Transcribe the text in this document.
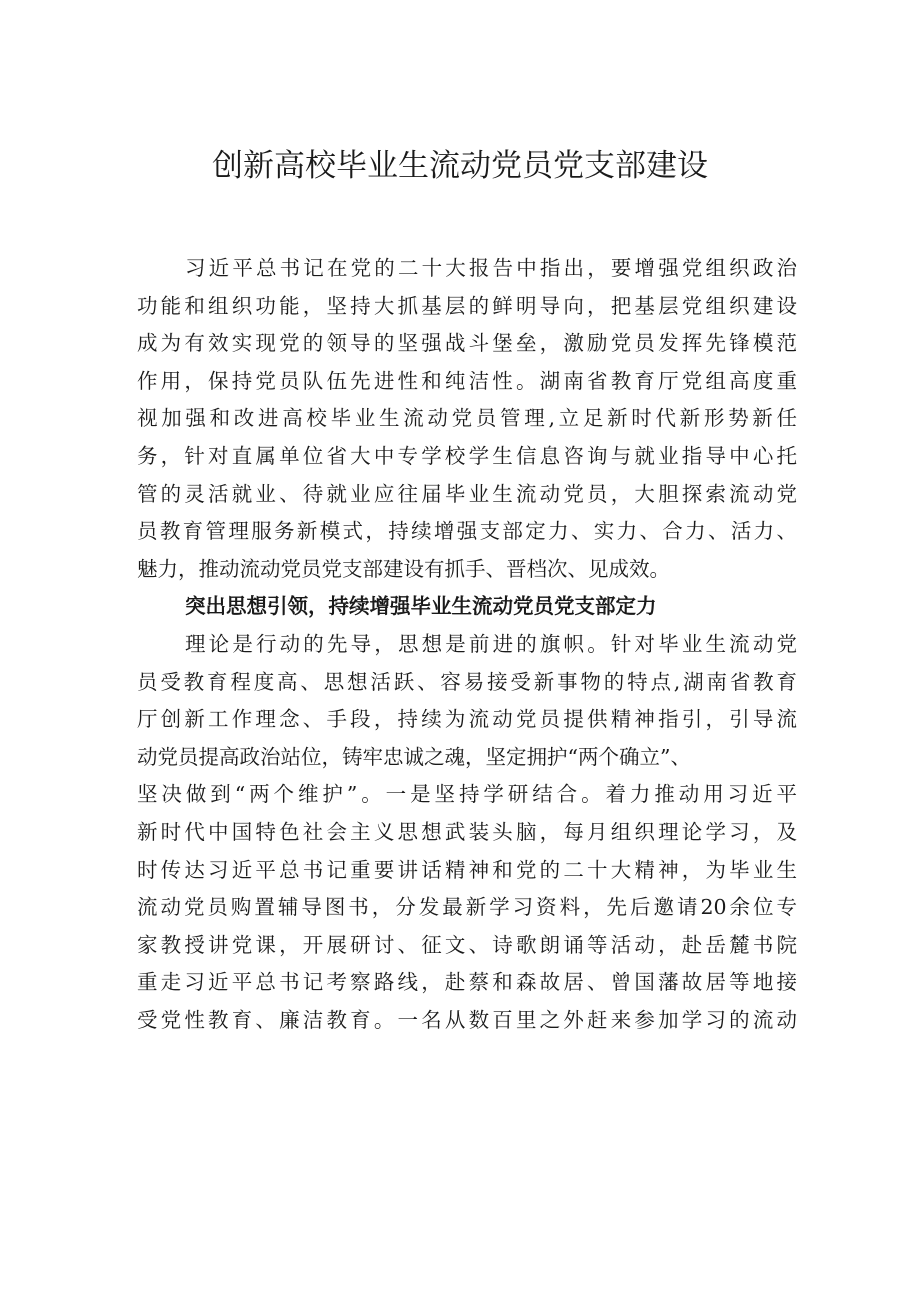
创新高校毕业生流动党员党支部建设
习近平总书记在党的二十大报告中指出，要增强党组织政治
功能和组织功能，坚持大抓基层的鲜明导向，把基层党组织建设
成为有效实现党的领导的坚强战斗堡垒，激励党员发挥先锋模范
作用，保持党员队伍先进性和纯洁性。湖南省教育厅党组高度重
视加强和改进高校毕业生流动党员管理,立足新时代新形势新任
务，针对直属单位省大中专学校学生信息咨询与就业指导中心托
管的灵活就业、待就业应往届毕业生流动党员，大胆探索流动党
员教育管理服务新模式，持续增强支部定力、实力、合力、活力、
魅力，推动流动党员党支部建设有抓手、晋档次、见成效。
突出思想引领，持续增强毕业生流动党员党支部定力
理论是行动的先导，思想是前进的旗帜。针对毕业生流动党
员受教育程度高、思想活跃、容易接受新事物的特点,湖南省教育
厅创新工作理念、手段，持续为流动党员提供精神指引，引导流
动党员提高政治站位，铸牢忠诚之魂，坚定拥护“两个确立”、
坚决做到“两个维护”。一是坚持学研结合。着力推动用习近平
新时代中国特色社会主义思想武装头脑，每月组织理论学习，及
时传达习近平总书记重要讲话精神和党的二十大精神，为毕业生
流动党员购置辅导图书，分发最新学习资料，先后邀请20余位专
家教授讲党课，开展研讨、征文、诗歌朗诵等活动，赴岳麓书院
重走习近平总书记考察路线，赴蔡和森故居、曾国藩故居等地接
受党性教育、廉洁教育。一名从数百里之外赶来参加学习的流动
